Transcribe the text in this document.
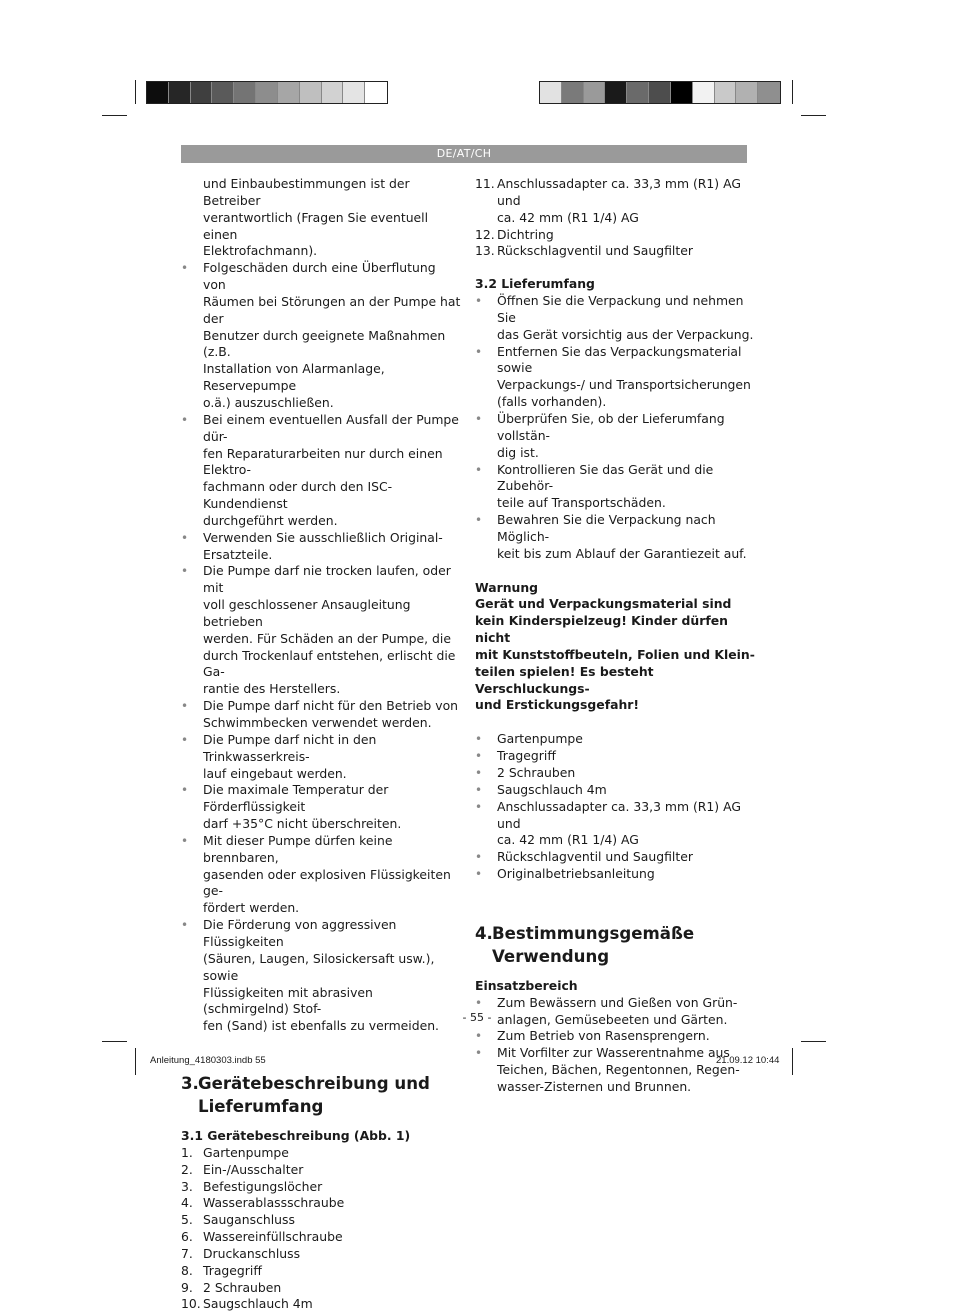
DE/AT/CH
und Einbaubestimmungen ist der Betreiber
verantwortlich (Fragen Sie eventuell einen
Elektrofachmann).
• Folgeschäden durch eine Überflutung von
Räumen bei Störungen an der Pumpe hat der
Benutzer durch geeignete Maßnahmen (z.B.
Installation von Alarmanlage, Reservepumpe
o.ä.) auszuschließen.
• Bei einem eventuellen Ausfall der Pumpe dür-
fen Reparaturarbeiten nur durch einen Elektro-
fachmann oder durch den ISC-Kundendienst
durchgeführt werden.
• Verwenden Sie ausschließlich Original-
Ersatzteile.
• Die Pumpe darf nie trocken laufen, oder mit
voll geschlossener Ansaugleitung betrieben
werden. Für Schäden an der Pumpe, die
durch Trockenlauf entstehen, erlischt die Ga-
rantie des Herstellers.
• Die Pumpe darf nicht für den Betrieb von
Schwimmbecken verwendet werden.
• Die Pumpe darf nicht in den Trinkwasserkreis-
lauf eingebaut werden.
• Die maximale Temperatur der Förderflüssigkeit
darf +35°C nicht überschreiten.
• Mit dieser Pumpe dürfen keine brennbaren,
gasenden oder explosiven Flüssigkeiten ge-
fördert werden.
• Die Förderung von aggressiven Flüssigkeiten
(Säuren, Laugen, Silosickersaft usw.), sowie
Flüssigkeiten mit abrasiven (schmirgelnd) Stof-
fen (Sand) ist ebenfalls zu vermeiden.
3.Gerätebeschreibung und
Lieferumfang
3.1 Gerätebeschreibung (Abb. 1)
1. Gartenpumpe
2. Ein-/Ausschalter
3. Befestigungslöcher
4. Wasserablassschraube
5. Sauganschluss
6. Wassereinfüllschraube
7. Druckanschluss
8. Tragegriff
9. 2 Schrauben
10. Saugschlauch 4m
11. Anschlussadapter ca. 33,3 mm (R1) AG und
ca. 42 mm (R1 1/4) AG
12. Dichtring
13. Rückschlagventil und Saugfilter
3.2 Lieferumfang
• Öffnen Sie die Verpackung und nehmen Sie
das Gerät vorsichtig aus der Verpackung.
• Entfernen Sie das Verpackungsmaterial sowie
Verpackungs-/ und Transportsicherungen
(falls vorhanden).
• Überprüfen Sie, ob der Lieferumfang vollstän-
dig ist.
• Kontrollieren Sie das Gerät und die Zubehör-
teile auf Transportschäden.
• Bewahren Sie die Verpackung nach Möglich-
keit bis zum Ablauf der Garantiezeit auf.
Warnung
Gerät und Verpackungsmaterial sind
kein Kinderspielzeug! Kinder dürfen nicht
mit Kunststoffbeuteln, Folien und Klein-
teilen spielen! Es besteht Verschluckungs-
und Erstickungsgefahr!
• Gartenpumpe
• Tragegriff
• 2 Schrauben
• Saugschlauch 4m
• Anschlussadapter ca. 33,3 mm (R1) AG und
ca. 42 mm (R1 1/4) AG
• Rückschlagventil und Saugfilter
• Originalbetriebsanleitung
4.Bestimmungsgemäße
Verwendung
Einsatzbereich
• Zum Bewässern und Gießen von Grün-
anlagen, Gemüsebeeten und Gärten.
• Zum Betrieb von Rasensprengern.
• Mit Vorfilter zur Wasserentnahme aus
Teichen, Bächen, Regentonnen, Regen-
wasser-Zisternen und Brunnen.
- 55 -
Anleitung_4180303.indb 55	21.09.12 10:44
